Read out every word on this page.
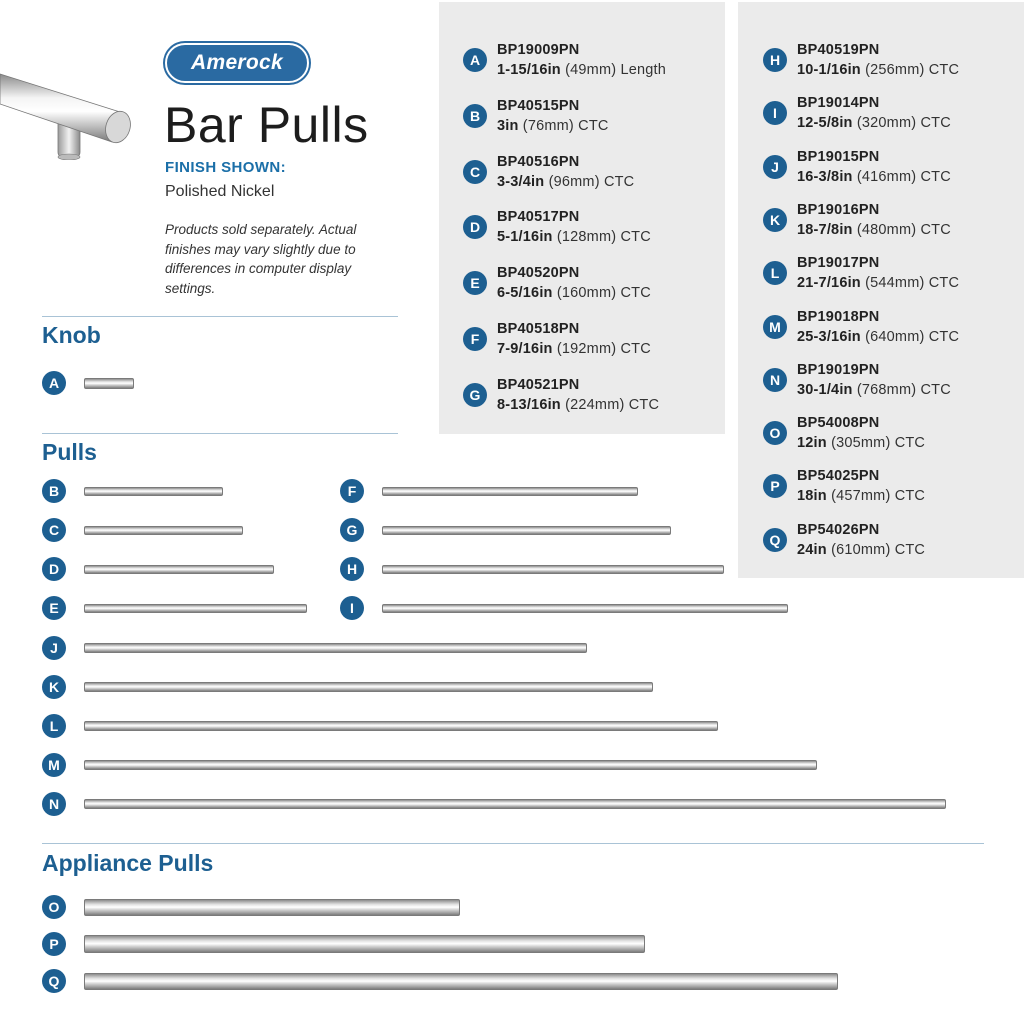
Amerock
Bar Pulls
FINISH SHOWN:
Polished Nickel
Products sold separately. Actual finishes may vary slightly due to differences in computer display settings.
A
BP19009PN
1-15/16in (49mm) Length
B
BP40515PN
3in (76mm) CTC
C
BP40516PN
3-3/4in (96mm) CTC
D
BP40517PN
5-1/16in (128mm) CTC
E
BP40520PN
6-5/16in (160mm) CTC
F
BP40518PN
7-9/16in (192mm) CTC
G
BP40521PN
8-13/16in (224mm) CTC
H
BP40519PN
10-1/16in (256mm) CTC
I
BP19014PN
12-5/8in (320mm) CTC
J
BP19015PN
16-3/8in (416mm) CTC
K
BP19016PN
18-7/8in (480mm) CTC
L
BP19017PN
21-7/16in (544mm) CTC
M
BP19018PN
25-3/16in (640mm) CTC
N
BP19019PN
30-1/4in (768mm) CTC
O
BP54008PN
12in (305mm) CTC
P
BP54025PN
18in (457mm) CTC
Q
BP54026PN
24in (610mm) CTC
Knob
Pulls
Appliance Pulls
A
B
C
D
E
F
G
H
I
J
K
L
M
N
O
P
Q
